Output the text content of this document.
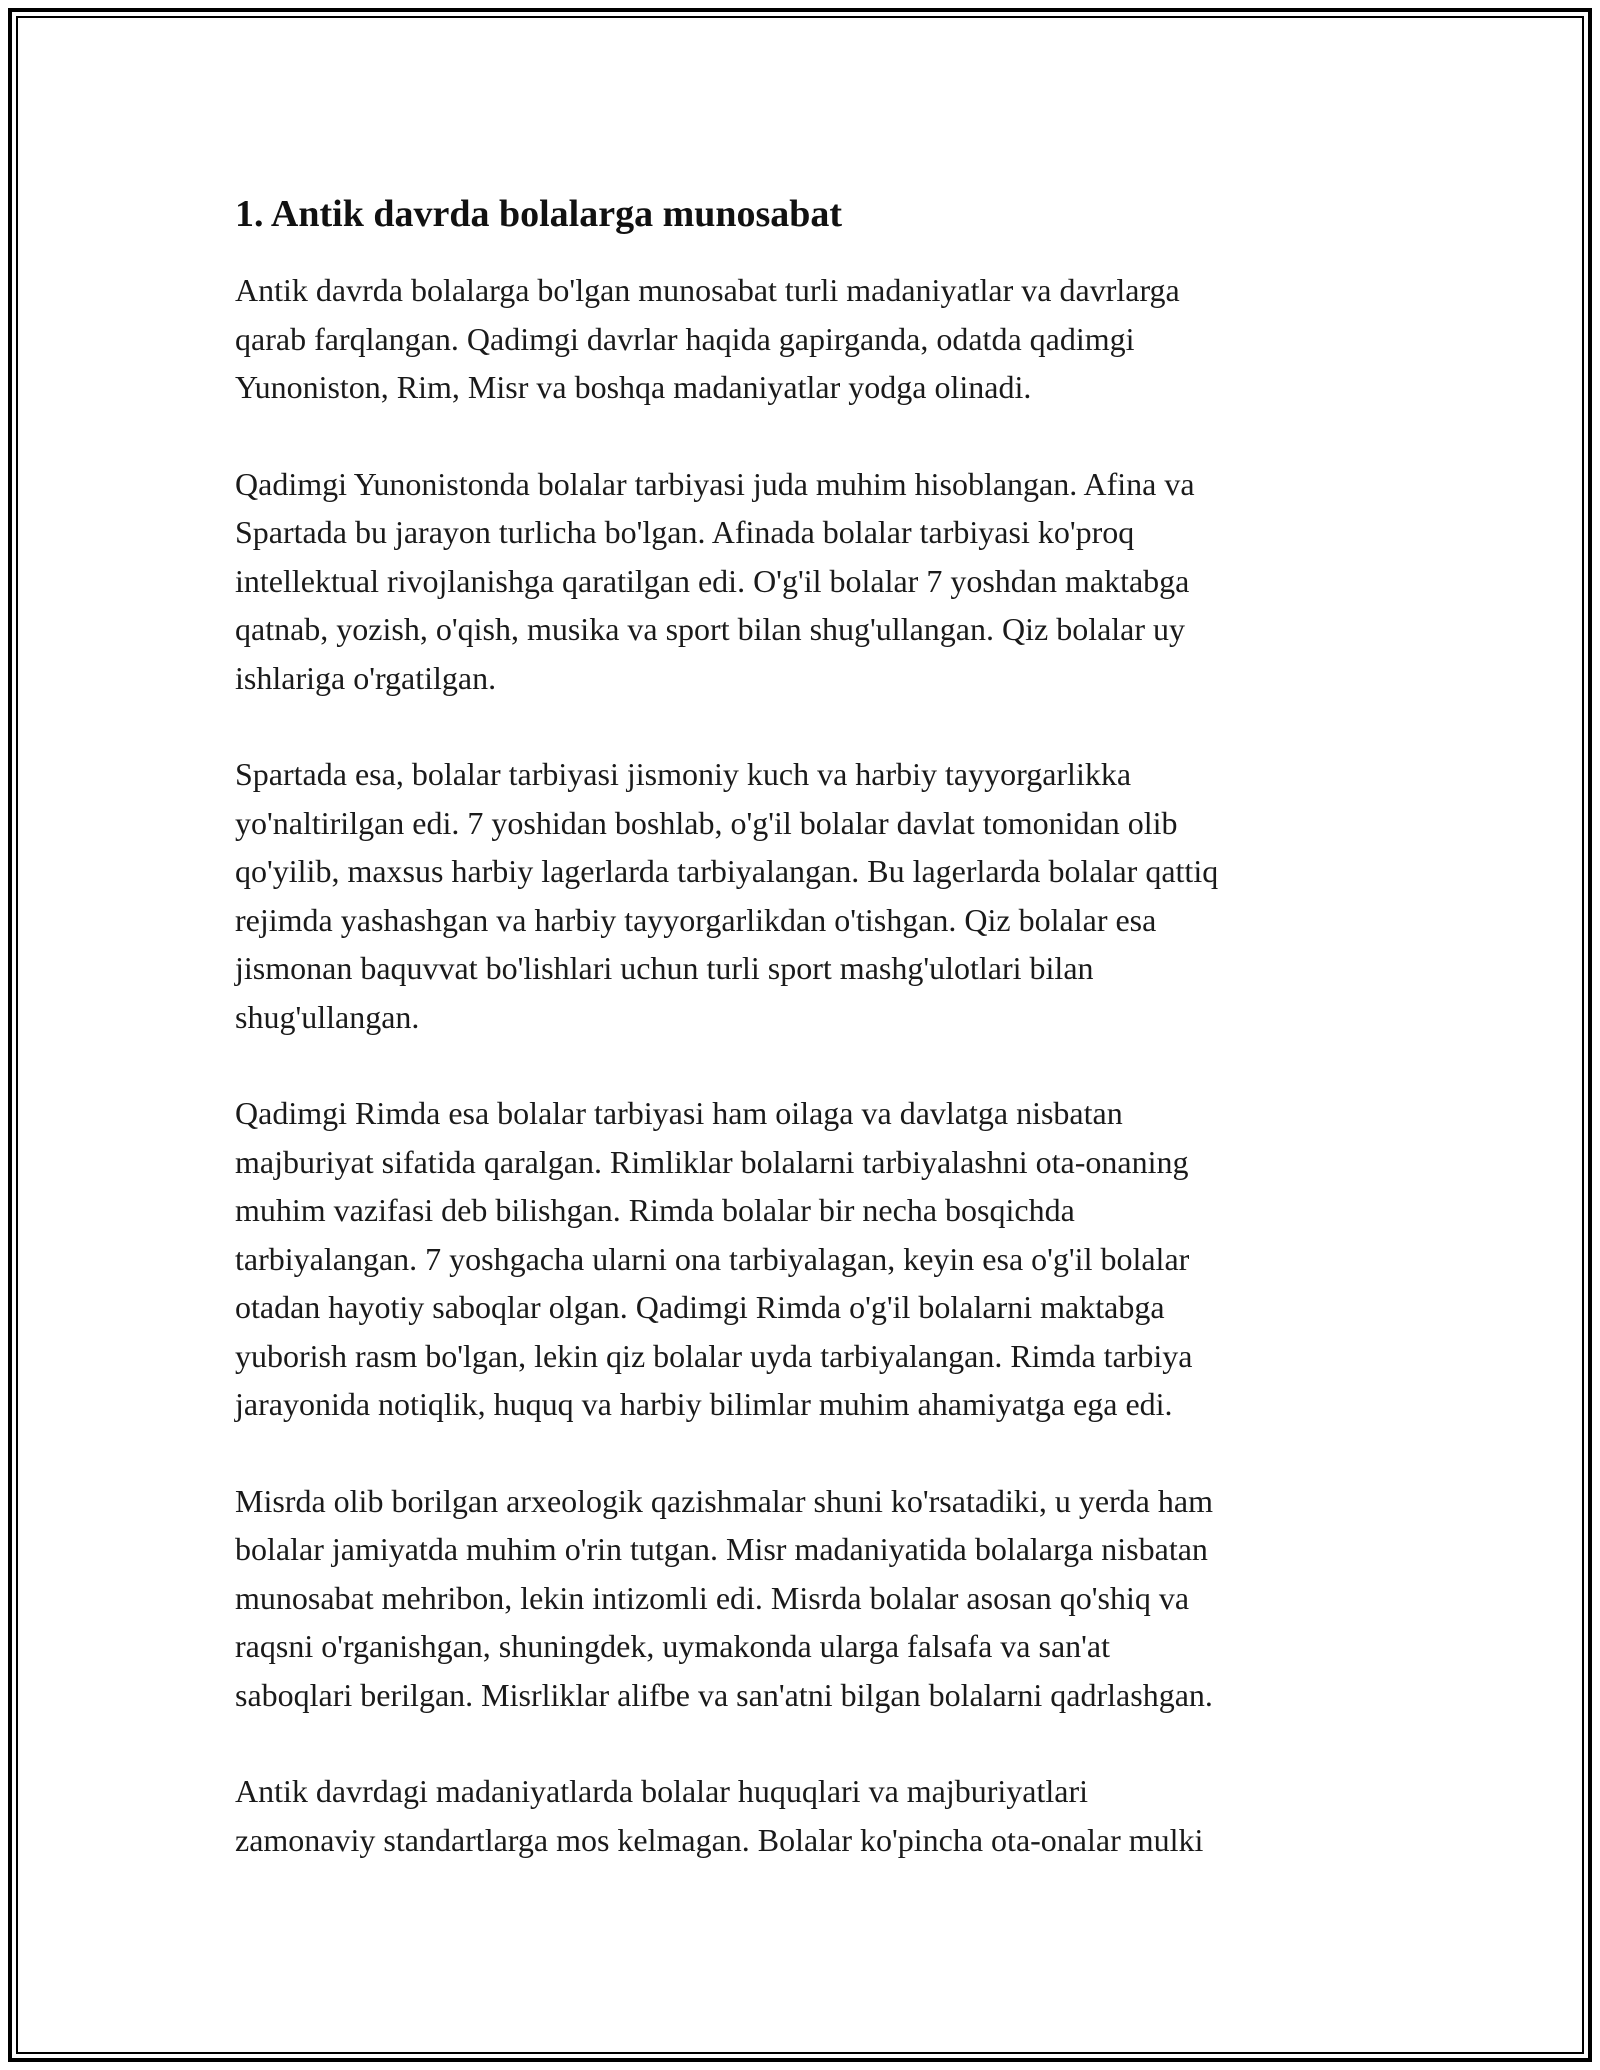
1. Antik davrda bolalarga munosabat

Antik davrda bolalarga bo'lgan munosabat turli madaniyatlar va davrlarga
qarab farqlangan. Qadimgi davrlar haqida gapirganda, odatda qadimgi
Yunoniston, Rim, Misr va boshqa madaniyatlar yodga olinadi.

Qadimgi Yunonistonda bolalar tarbiyasi juda muhim hisoblangan. Afina va
Spartada bu jarayon turlicha bo'lgan. Afinada bolalar tarbiyasi ko'proq
intellektual rivojlanishga qaratilgan edi. O'g'il bolalar 7 yoshdan maktabga
qatnab, yozish, o'qish, musika va sport bilan shug'ullangan. Qiz bolalar uy
ishlariga o'rgatilgan.

Spartada esa, bolalar tarbiyasi jismoniy kuch va harbiy tayyorgarlikka
yo'naltirilgan edi. 7 yoshidan boshlab, o'g'il bolalar davlat tomonidan olib
qo'yilib, maxsus harbiy lagerlarda tarbiyalangan. Bu lagerlarda bolalar qattiq
rejimda yashashgan va harbiy tayyorgarlikdan o'tishgan. Qiz bolalar esa
jismonan baquvvat bo'lishlari uchun turli sport mashg'ulotlari bilan
shug'ullangan.

Qadimgi Rimda esa bolalar tarbiyasi ham oilaga va davlatga nisbatan
majburiyat sifatida qaralgan. Rimliklar bolalarni tarbiyalashni ota-onaning
muhim vazifasi deb bilishgan. Rimda bolalar bir necha bosqichda
tarbiyalangan. 7 yoshgacha ularni ona tarbiyalagan, keyin esa o'g'il bolalar
otadan hayotiy saboqlar olgan. Qadimgi Rimda o'g'il bolalarni maktabga
yuborish rasm bo'lgan, lekin qiz bolalar uyda tarbiyalangan. Rimda tarbiya
jarayonida notiqlik, huquq va harbiy bilimlar muhim ahamiyatga ega edi.

Misrda olib borilgan arxeologik qazishmalar shuni ko'rsatadiki, u yerda ham
bolalar jamiyatda muhim o'rin tutgan. Misr madaniyatida bolalarga nisbatan
munosabat mehribon, lekin intizomli edi. Misrda bolalar asosan qo'shiq va
raqsni o'rganishgan, shuningdek, uymakonda ularga falsafa va san'at
saboqlari berilgan. Misrliklar alifbe va san'atni bilgan bolalarni qadrlashgan.

Antik davrdagi madaniyatlarda bolalar huquqlari va majburiyatlari
zamonaviy standartlarga mos kelmagan. Bolalar ko'pincha ota-onalar mulki
